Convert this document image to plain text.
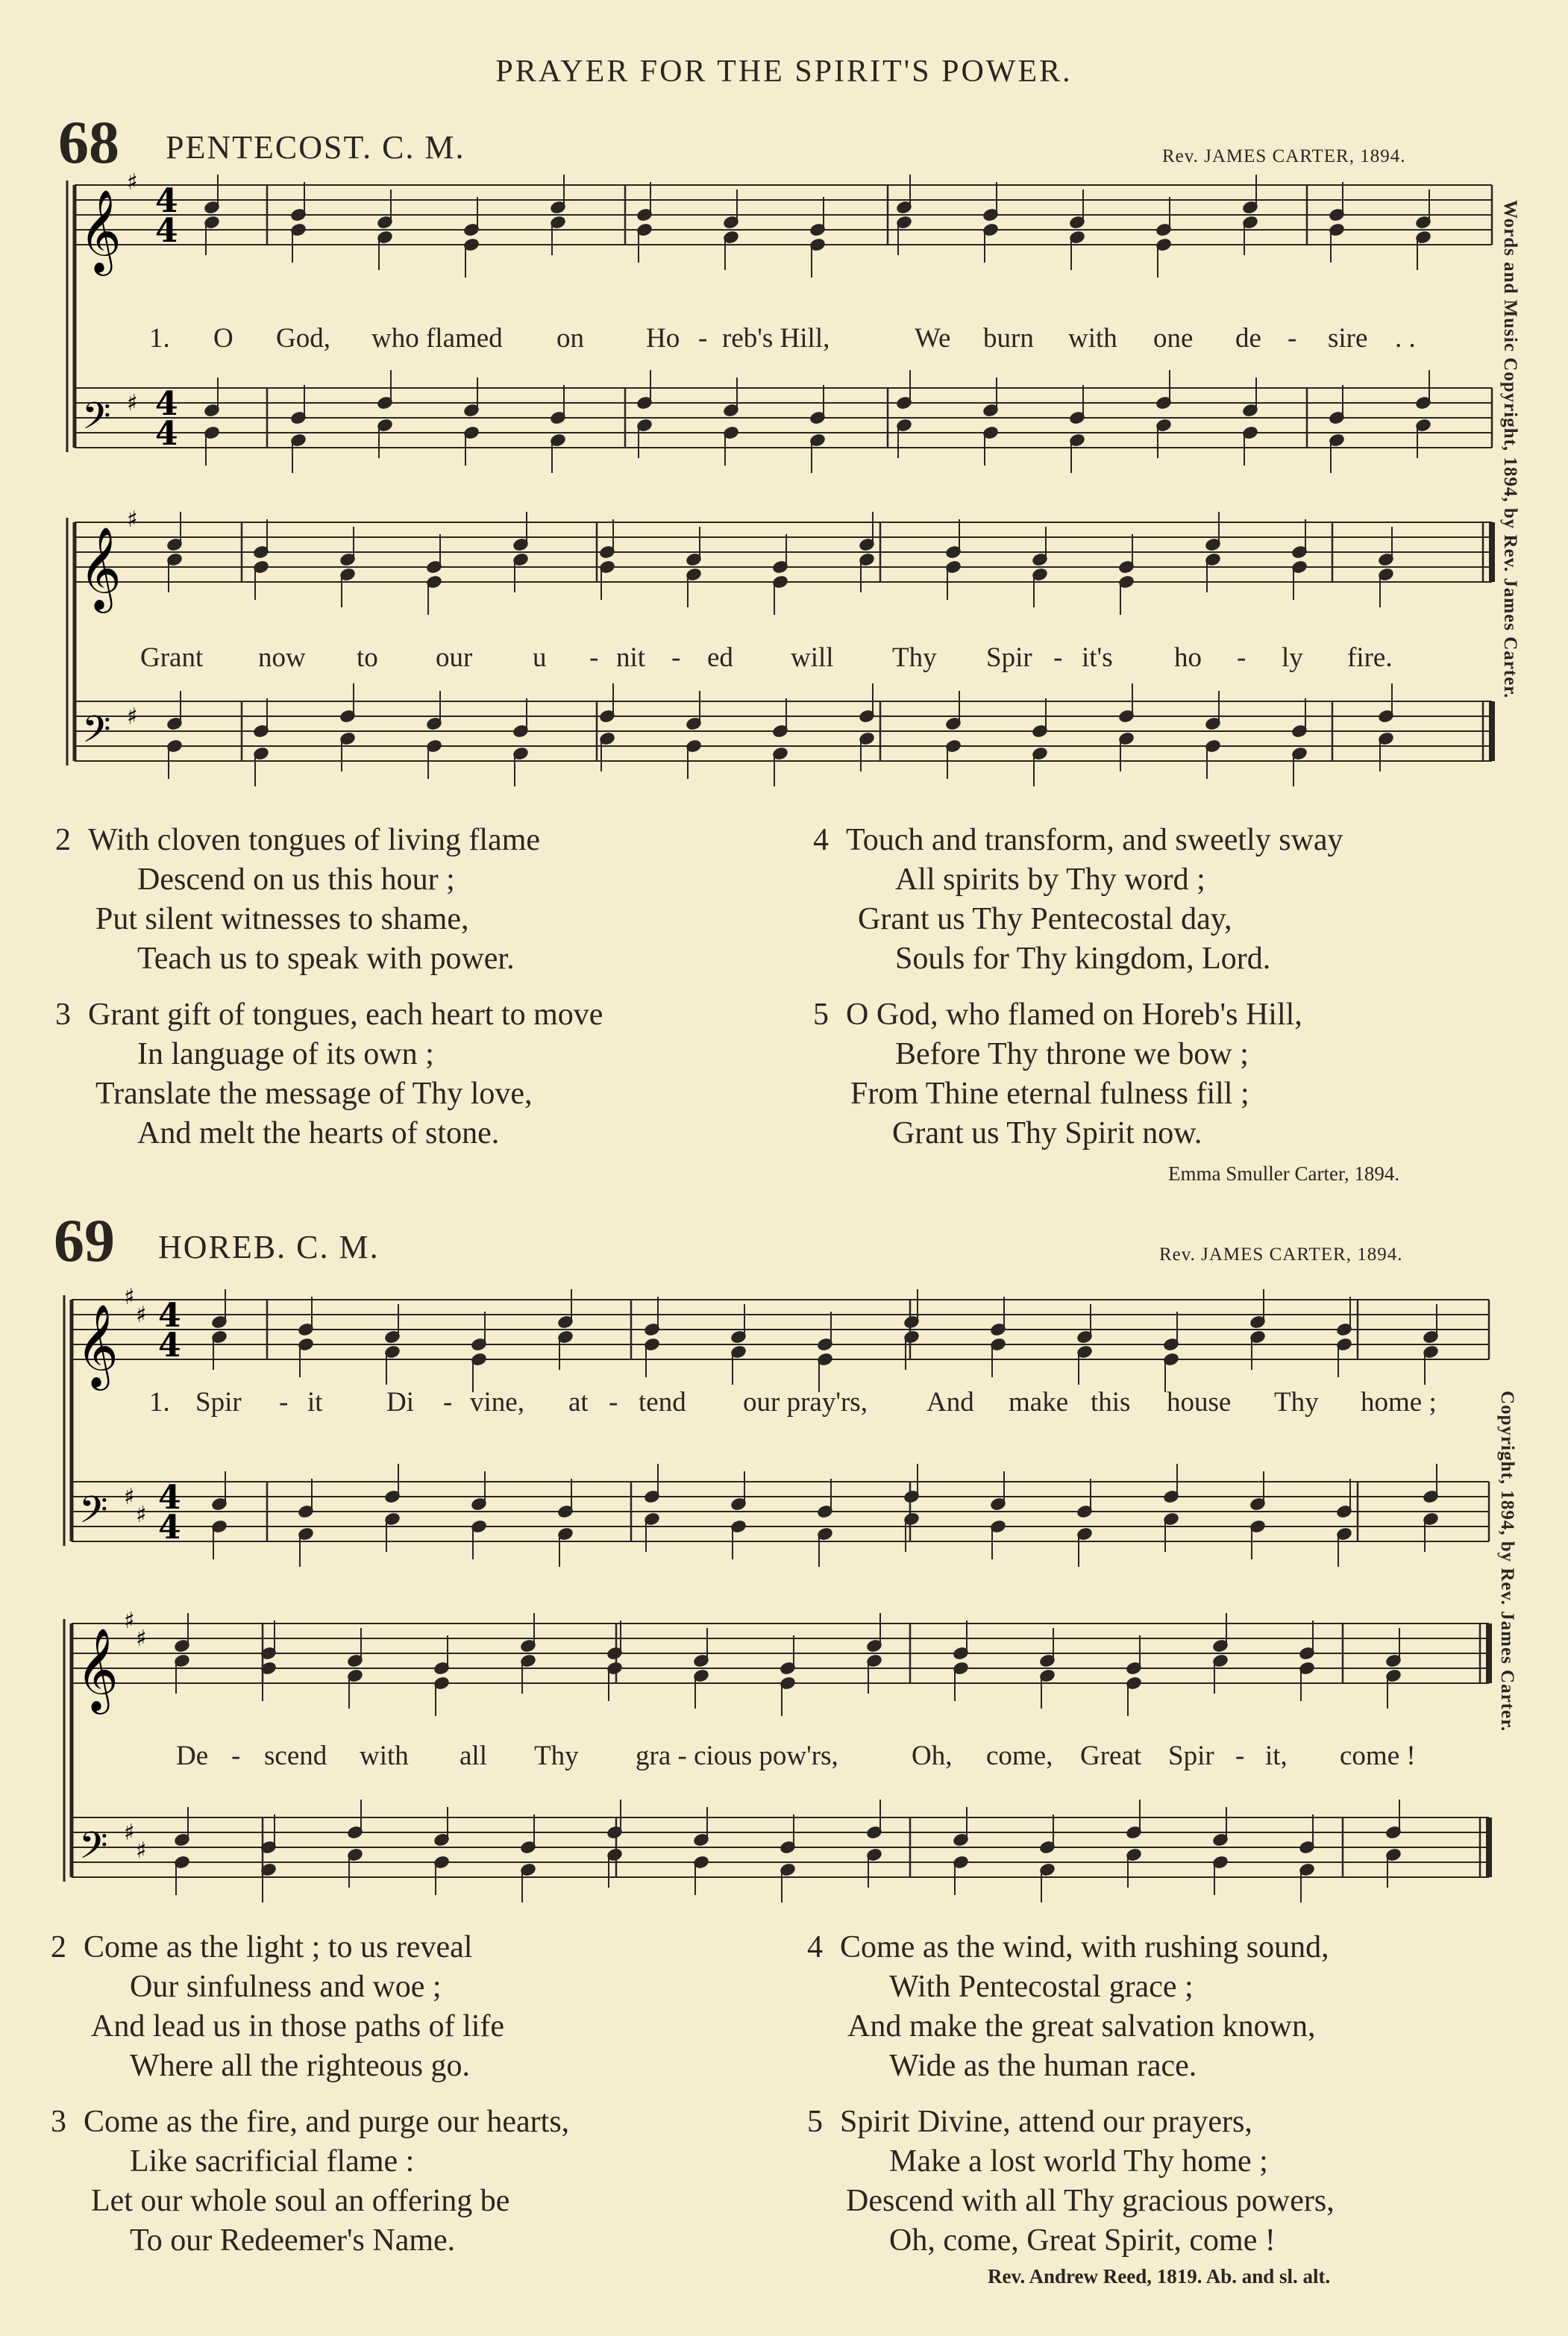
PRAYER FOR THE SPIRIT'S POWER.
68 PENTECOST. C. M.	Rev. JAMES CARTER, 1894.
Words and Music Copyright, 1894, by Rev. James Carter.
𝄞
𝄢
♯
♯
4
4
4
4
𝄞
𝄢
♯
♯
1. O God, who flamed on Ho - reb's Hill,	We burn with one de - sire . .
Grant now to our u - nit - ed will Thy Spir - it's ho - ly fire.
2 With cloven tongues of living flame
Descend on us this hour ;
Put silent witnesses to shame,
Teach us to speak with power.
3 Grant gift of tongues, each heart to move
In language of its own ;
Translate the message of Thy love,
And melt the hearts of stone.
4 Touch and transform, and sweetly sway
All spirits by Thy word ;
Grant us Thy Pentecostal day,
Souls for Thy kingdom, Lord.
5 O God, who flamed on Horeb's Hill,
Before Thy throne we bow ;
From Thine eternal fulness fill ;
Grant us Thy Spirit now.
Emma Smuller Carter, 1894.
69 HOREB. C. M.	Rev. JAMES CARTER, 1894.
Copyright, 1894, by Rev. James Carter.
𝄞
𝄢
♯
♯
♯
♯
4
4
4
4
𝄞
𝄢
♯
♯
♯
♯
1. Spir - it Di - vine, at - tend our pray'rs, And make this house Thy home ;
De - scend with all Thy gra - cious pow'rs,	Oh, come, Great Spir - it, come !
2 Come as the light ; to us reveal
Our sinfulness and woe ;
And lead us in those paths of life
Where all the righteous go.
3 Come as the fire, and purge our hearts,
Like sacrificial flame :
Let our whole soul an offering be
To our Redeemer's Name.
4 Come as the wind, with rushing sound,
With Pentecostal grace ;
And make the great salvation known,
Wide as the human race.
5 Spirit Divine, attend our prayers,
Make a lost world Thy home ;
Descend with all Thy gracious powers,
Oh, come, Great Spirit, come !
Rev. Andrew Reed, 1819. Ab. and sl. alt.
